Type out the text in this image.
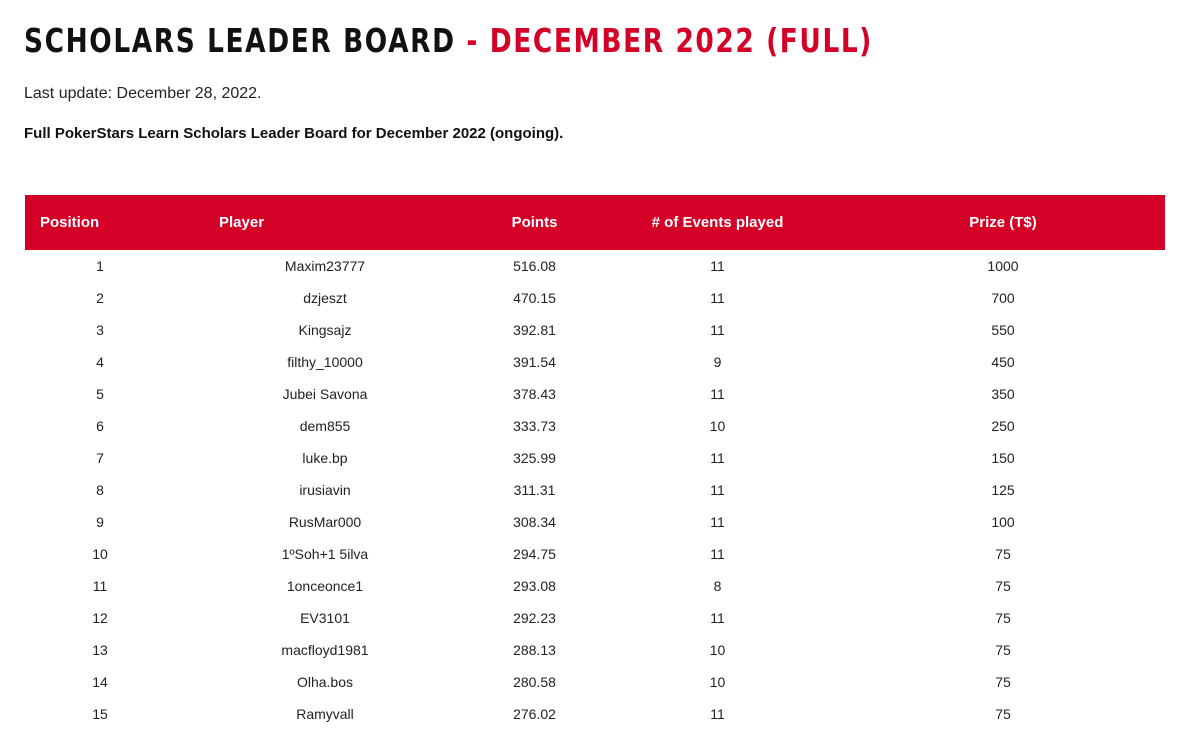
SCHOLARS LEADER BOARD - DECEMBER 2022 (FULL)
Last update: December 28, 2022.
Full PokerStars Learn Scholars Leader Board for December 2022 (ongoing).
Position	Player	Points	# of Events played	Prize (T$)
1	Maxim23777	516.08	11	1000
2	dzjeszt	470.15	11	700
3	Kingsajz	392.81	11	550
4	filthy_10000	391.54	9	450
5	Jubei Savona	378.43	11	350
6	dem855	333.73	10	250
7	luke.bp	325.99	11	150
8	irusiavin	311.31	11	125
9	RusMar000	308.34	11	100
10	1ºSoh+1 5ilva	294.75	11	75
11	1onceonce1	293.08	8	75
12	EV3101	292.23	11	75
13	macfloyd1981	288.13	10	75
14	Olha.bos	280.58	10	75
15	Ramyvall	276.02	11	75
